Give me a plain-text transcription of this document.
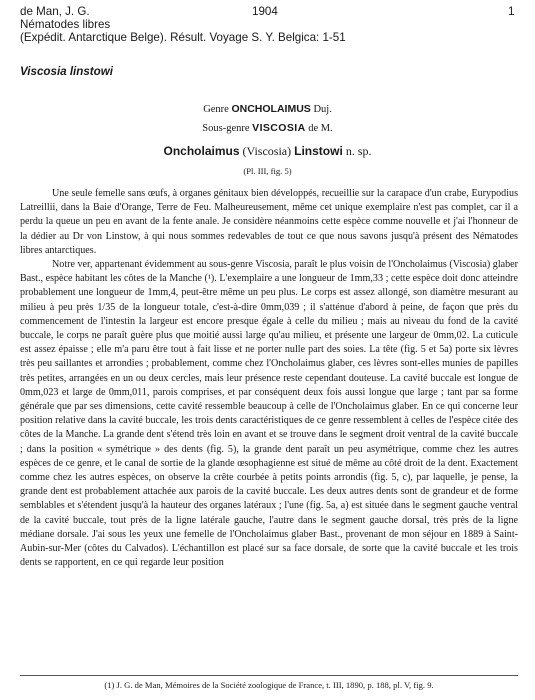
de Man, J. G.	1904	1
Nématodes libres
(Expédit. Antarctique Belge). Résult. Voyage S. Y. Belgica: 1-51
Viscosia linstowi
Genre ONCHOLAIMUS Duj.
Sous-genre VISCOSIA de M.
Oncholaimus (Viscosia) Linstowi n. sp.
(Pl. III, fig. 5)

Une seule femelle sans œufs, à organes génitaux bien développés, recueillie sur la carapace d'un crabe, Eurypodius Latreillii, dans la Baie d'Orange, Terre de Feu. Malheureusement, même cet unique exemplaire n'est pas complet, car il a perdu la queue un peu en avant de la fente anale. Je considère néanmoins cette espèce comme nouvelle et j'ai l'honneur de la dédier au Dr von Linstow, à qui nous sommes redevables de tout ce que nous savons jusqu'à présent des Nématodes libres antarctiques.

Notre ver, appartenant évidemment au sous-genre Viscosia, paraît le plus voisin de l'Oncholaimus (Viscosia) glaber Bast., espèce habitant les côtes de la Manche (¹). L'exemplaire a une longueur de 1mm,33 ; cette espèce doit donc atteindre probablement une longueur de 1mm,4, peut-être même un peu plus. Le corps est assez allongé, son diamètre mesurant au milieu à peu près 1/35 de la longueur totale, c'est-à-dire 0mm,039 ; il s'atténue d'abord à peine, de façon que près du commencement de l'intestin la largeur est encore presque égale à celle du milieu ; mais au niveau du fond de la cavité buccale, le corps ne paraît guère plus que moitié aussi large qu'au milieu, et présente une largeur de 0mm,02. La cuticule est assez épaisse ; elle m'a paru être tout à fait lisse et ne porter nulle part des soies. La tête (fig. 5 et 5a) porte six lèvres très peu saillantes et arrondies ; probablement, comme chez l'Oncholaimus glaber, ces lèvres sont-elles munies de papilles très petites, arrangées en un ou deux cercles, mais leur présence reste cependant douteuse. La cavité buccale est longue de 0mm,023 et large de 0mm,011, parois comprises, et par conséquent deux fois aussi longue que large ; tant par sa forme générale que par ses dimensions, cette cavité ressemble beaucoup à celle de l'Oncholaimus glaber. En ce qui concerne leur position relative dans la cavité buccale, les trois dents caractéristiques de ce genre ressemblent à celles de l'espèce citée des côtes de la Manche. La grande dent s'étend très loin en avant et se trouve dans le segment droit ventral de la cavité buccale ; dans la position « symétrique » des dents (fig. 5), la grande dent paraît un peu asymétrique, comme chez les autres espèces de ce genre, et le canal de sortie de la glande œsophagienne est situé de même au côté droit de la dent. Exactement comme chez les autres espèces, on observe la crête courbée à petits points arrondis (fig. 5, c), par laquelle, je pense, la grande dent est probablement attachée aux parois de la cavité buccale. Les deux autres dents sont de grandeur et de forme semblables et s'étendent jusqu'à la hauteur des organes latéraux ; l'une (fig. 5a, a) est située dans le segment gauche ventral de la cavité buccale, tout près de la ligne latérale gauche, l'autre dans le segment gauche dorsal, très près de la ligne médiane dorsale. J'ai sous les yeux une femelle de l'Oncholaimus glaber Bast., provenant de mon séjour en 1889 à Saint-Aubin-sur-Mer (côtes du Calvados). L'échantillon est placé sur sa face dorsale, de sorte que la cavité buccale et les trois dents se rapportent, en ce qui regarde leur position

(1) J. G. de Man, Mémoires de la Société zoologique de France, t. III, 1890, p. 188, pl. V, fig. 9.
